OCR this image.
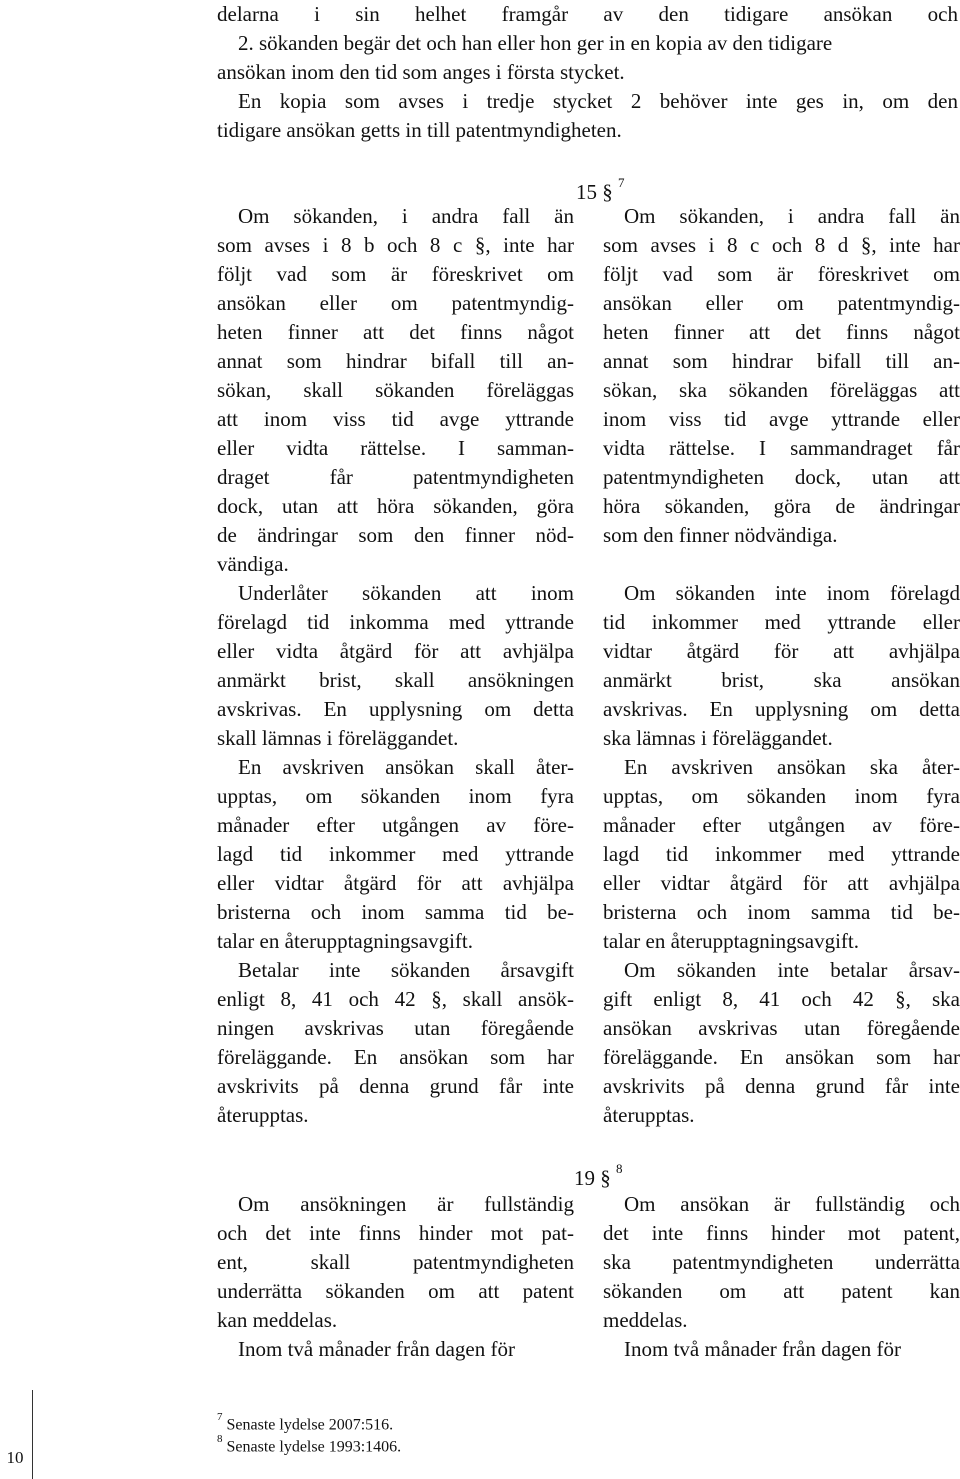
delarna i sin helhet framgår av den tidigare ansökan och
2. sökanden begär det och han eller hon ger in en kopia av den tidigare
ansökan inom den tid som anges i första stycket.
En kopia som avses i tredje stycket 2 behöver inte ges in, om den
tidigare ansökan getts in till patentmyndigheten.
15 § $^7$
Om sökanden, i andra fall än
som avses i 8 b och 8 c §, inte har
följt vad som är föreskrivet om
ansökan eller om patentmyndig-
heten finner att det finns något
annat som hindrar bifall till an-
sökan, skall sökanden föreläggas
att inom viss tid avge yttrande
eller vidta rättelse. I samman-
draget får patentmyndigheten
dock, utan att höra sökanden, göra
de ändringar som den finner nöd-
vändiga.
Underlåter sökanden att inom
förelagd tid inkomma med yttrande
eller vidta åtgärd för att avhjälpa
anmärkt brist, skall ansökningen
avskrivas. En upplysning om detta
skall lämnas i föreläggandet.
En avskriven ansökan skall åter-
upptas, om sökanden inom fyra
månader efter utgången av före-
lagd tid inkommer med yttrande
eller vidtar åtgärd för att avhjälpa
bristerna och inom samma tid be-
talar en återupptagningsavgift.
Betalar inte sökanden årsavgift
enligt 8, 41 och 42 §, skall ansök-
ningen avskrivas utan föregående
föreläggande. En ansökan som har
avskrivits på denna grund får inte
återupptas.
Om sökanden, i andra fall än
som avses i 8 c och 8 d §, inte har
följt vad som är föreskrivet om
ansökan eller om patentmyndig-
heten finner att det finns något
annat som hindrar bifall till an-
sökan, ska sökanden föreläggas att
inom viss tid avge yttrande eller
vidta rättelse. I sammandraget får
patentmyndigheten dock, utan att
höra sökanden, göra de ändringar
som den finner nödvändiga.
Om sökanden inte inom förelagd
tid inkommer med yttrande eller
vidtar åtgärd för att avhjälpa
anmärkt brist, ska ansökan
avskrivas. En upplysning om detta
ska lämnas i föreläggandet.
En avskriven ansökan ska åter-
upptas, om sökanden inom fyra
månader efter utgången av före-
lagd tid inkommer med yttrande
eller vidtar åtgärd för att avhjälpa
bristerna och inom samma tid be-
talar en återupptagningsavgift.
Om sökanden inte betalar årsav-
gift enligt 8, 41 och 42 §, ska
ansökan avskrivas utan föregående
föreläggande. En ansökan som har
avskrivits på denna grund får inte
återupptas.
19 § $^8$
Om ansökningen är fullständig
och det inte finns hinder mot pat-
ent, skall patentmyndigheten
underrätta sökanden om att patent
kan meddelas.
Inom två månader från dagen för
Om ansökan är fullständig och
det inte finns hinder mot patent,
ska patentmyndigheten underrätta
sökanden om att patent kan
meddelas.
Inom två månader från dagen för
$^7$ Senaste lydelse 2007:516.
$^8$ Senaste lydelse 1993:1406.
10
